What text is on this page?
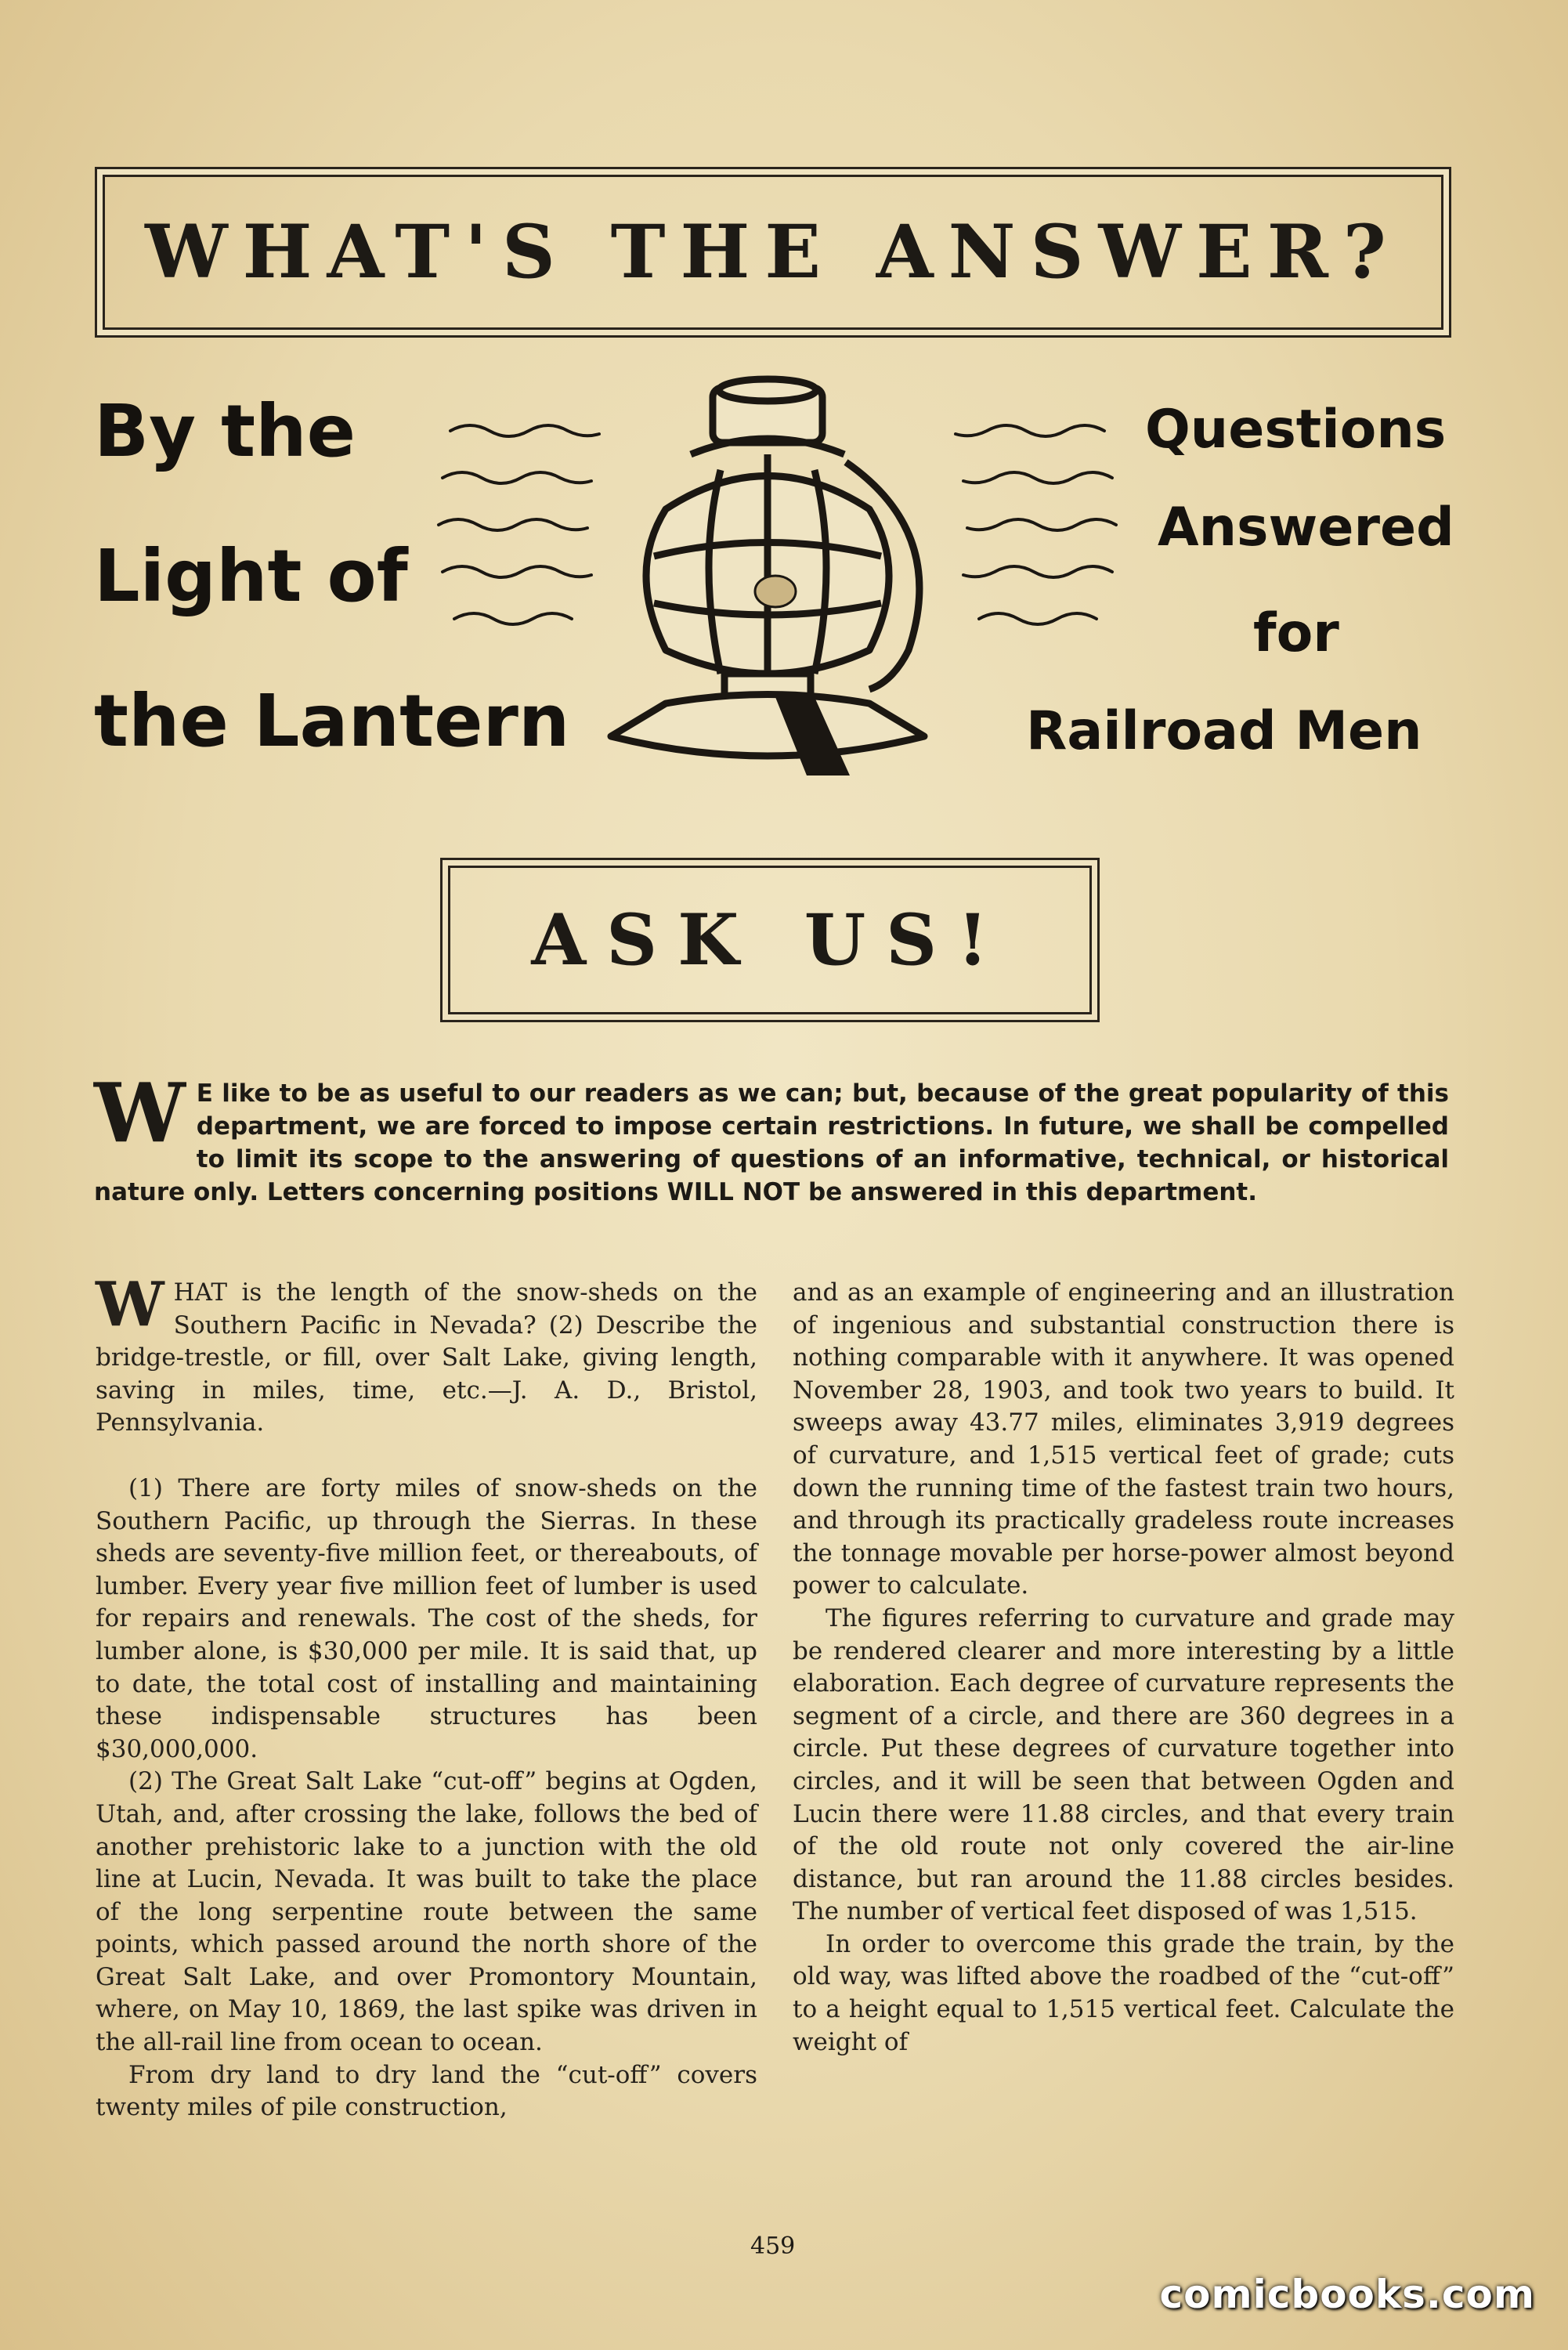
WHAT'S THE ANSWER?
By the
Light of
the Lantern
Questions
Answered
for
Railroad Men
ASK US!
W E like to be as useful to our readers as we can; but, because of the great popularity of this department, we are forced to impose certain restrictions. In future, we shall be compelled to limit its scope to the answering of questions of an informative, technical, or historical nature only. Letters concerning positions WILL NOT be answered in this department.

W HAT is the length of the snow-sheds on the Southern Pacific in Nevada? (2) Describe the bridge-trestle, or fill, over Salt Lake, giving length, saving in miles, time, etc.—J. A. D., Bristol, Pennsylvania.

(1) There are forty miles of snow-sheds on the Southern Pacific, up through the Sierras. In these sheds are seventy-five million feet, or thereabouts, of lumber. Every year five million feet of lumber is used for repairs and renewals. The cost of the sheds, for lumber alone, is $30,000 per mile. It is said that, up to date, the total cost of installing and maintaining these indispensable structures has been $30,000,000.

(2) The Great Salt Lake “cut-off” begins at Ogden, Utah, and, after crossing the lake, follows the bed of another prehistoric lake to a junction with the old line at Lucin, Nevada. It was built to take the place of the long serpentine route between the same points, which passed around the north shore of the Great Salt Lake, and over Promontory Mountain, where, on May 10, 1869, the last spike was driven in the all-rail line from ocean to ocean.

From dry land to dry land the “cut-off” covers twenty miles of pile construction,

and as an example of engineering and an illustration of ingenious and substantial construction there is nothing comparable with it anywhere. It was opened November 28, 1903, and took two years to build. It sweeps away 43.77 miles, eliminates 3,919 degrees of curvature, and 1,515 vertical feet of grade; cuts down the running time of the fastest train two hours, and through its practically gradeless route increases the tonnage movable per horse-power almost beyond power to calculate.

The figures referring to curvature and grade may be rendered clearer and more interesting by a little elaboration. Each degree of curvature represents the segment of a circle, and there are 360 degrees in a circle. Put these degrees of curvature together into circles, and it will be seen that between Ogden and Lucin there were 11.88 circles, and that every train of the old route not only covered the air-line distance, but ran around the 11.88 circles besides. The number of vertical feet disposed of was 1,515.

In order to overcome this grade the train, by the old way, was lifted above the roadbed of the “cut-off” to a height equal to 1,515 vertical feet. Calculate the weight of

459
comicbooks.com
